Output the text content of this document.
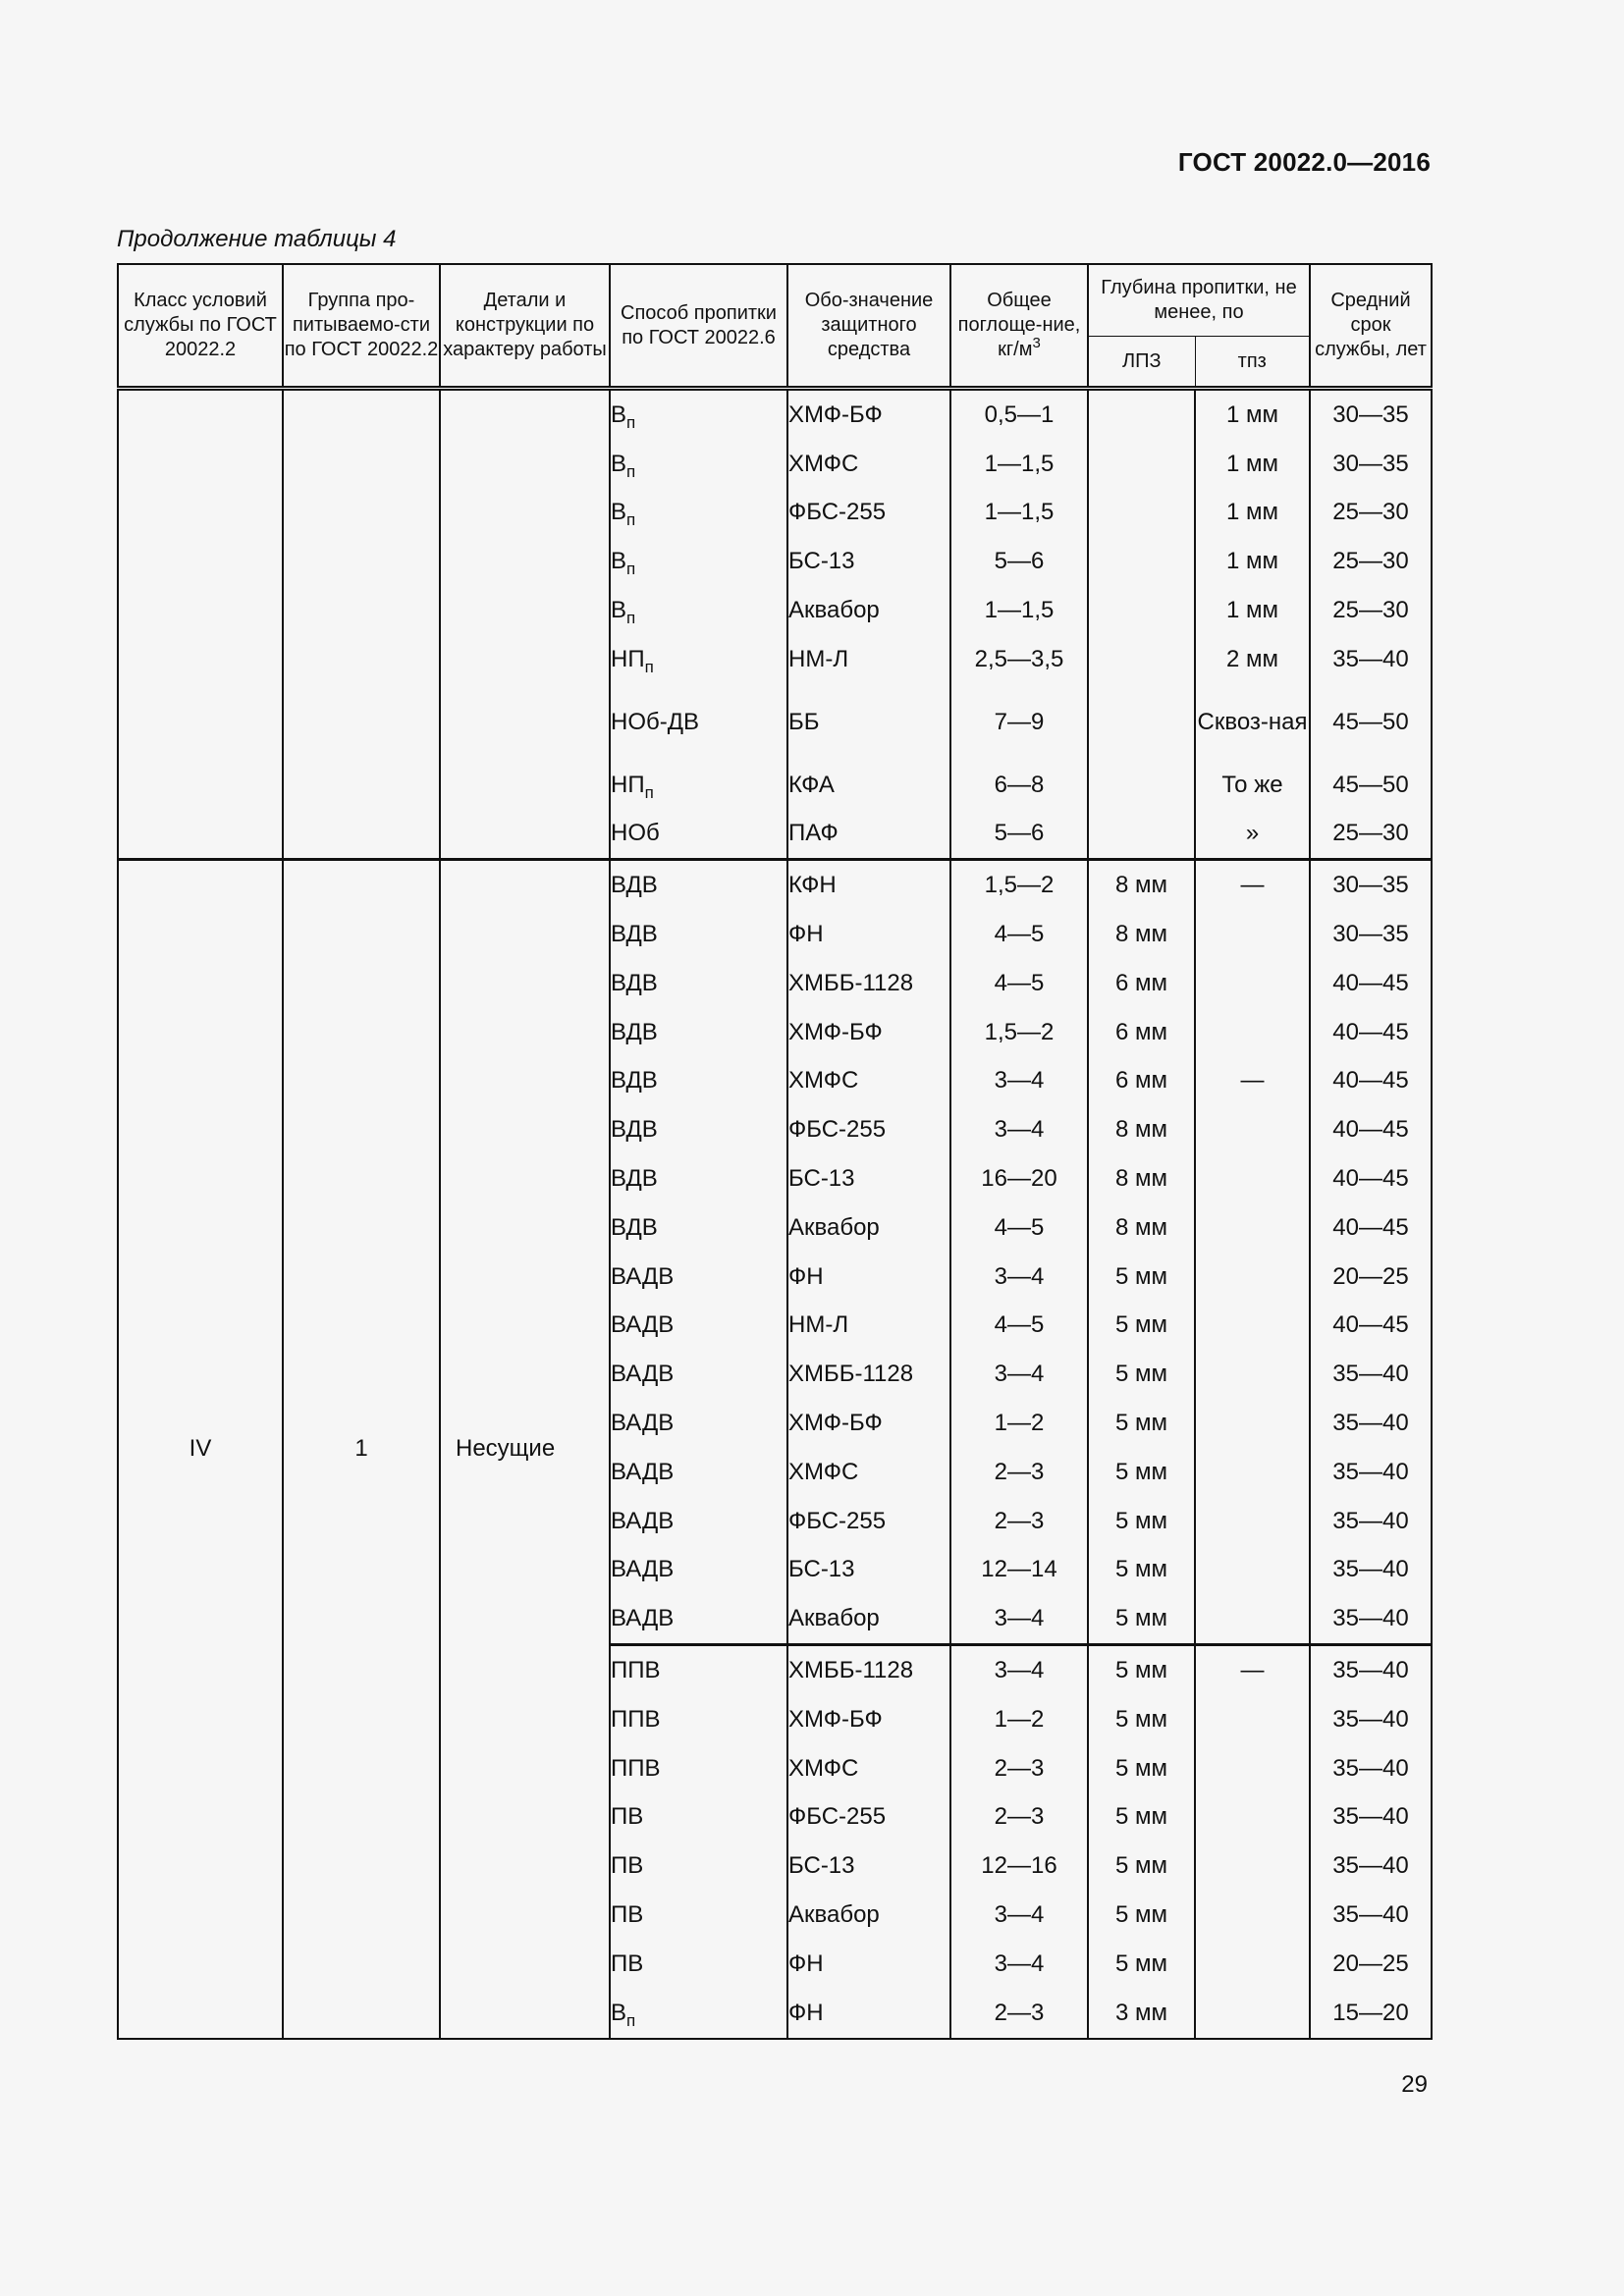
ГОСТ 20022.0—2016
Продолжение таблицы 4
Класс условий службы по ГОСТ 20022.2	Группа про-питываемо-сти по ГОСТ 20022.2	Детали и конструкции по характеру работы	Способ пропитки по ГОСТ 20022.6	Обо-значение защитного средства	Общее поглоще-ние, $кг/м^3$	Глубина пропитки, не менее, по		Средний срок службы, лет
						ЛПЗ	тпз	
			$В_п$	ХМФ-БФ	0,5—1		1 мм	30—35
			$В_п$	ХМФС	1—1,5		1 мм	30—35
			$В_п$	ФБС-255	1—1,5		1 мм	25—30
			$В_п$	БС-13	5—6		1 мм	25—30
			$В_п$	Аквабор	1—1,5		1 мм	25—30
			$НП_п$	НМ-Л	2,5—3,5		2 мм	35—40
			НОб-ДВ	ББ	7—9		Сквоз-ная	45—50
			$НП_п$	КФА	6—8		То же	45—50
			НОб	ПАФ	5—6		»	25—30
IV	1	Несущие	ВДВ	КФН	1,5—2	8 мм	—	30—35
			ВДВ	ФН	4—5	8 мм		30—35
			ВДВ	ХМББ-1128	4—5	6 мм		40—45
			ВДВ	ХМФ-БФ	1,5—2	6 мм		40—45
			ВДВ	ХМФС	3—4	6 мм	—	40—45
			ВДВ	ФБС-255	3—4	8 мм		40—45
			ВДВ	БС-13	16—20	8 мм		40—45
			ВДВ	Аквабор	4—5	8 мм		40—45
			ВАДВ	ФН	3—4	5 мм		20—25
			ВАДВ	НМ-Л	4—5	5 мм		40—45
			ВАДВ	ХМББ-1128	3—4	5 мм		35—40
			ВАДВ	ХМФ-БФ	1—2	5 мм		35—40
			ВАДВ	ХМФС	2—3	5 мм		35—40
			ВАДВ	ФБС-255	2—3	5 мм		35—40
			ВАДВ	БС-13	12—14	5 мм		35—40
			ВАДВ	Аквабор	3—4	5 мм		35—40
			ППВ	ХМББ-1128	3—4	5 мм	—	35—40
			ППВ	ХМФ-БФ	1—2	5 мм		35—40
			ППВ	ХМФС	2—3	5 мм		35—40
			ПВ	ФБС-255	2—3	5 мм		35—40
			ПВ	БС-13	12—16	5 мм		35—40
			ПВ	Аквабор	3—4	5 мм		35—40
			ПВ	ФН	3—4	5 мм		20—25
			$В_п$	ФН	2—3	3 мм		15—20
29
